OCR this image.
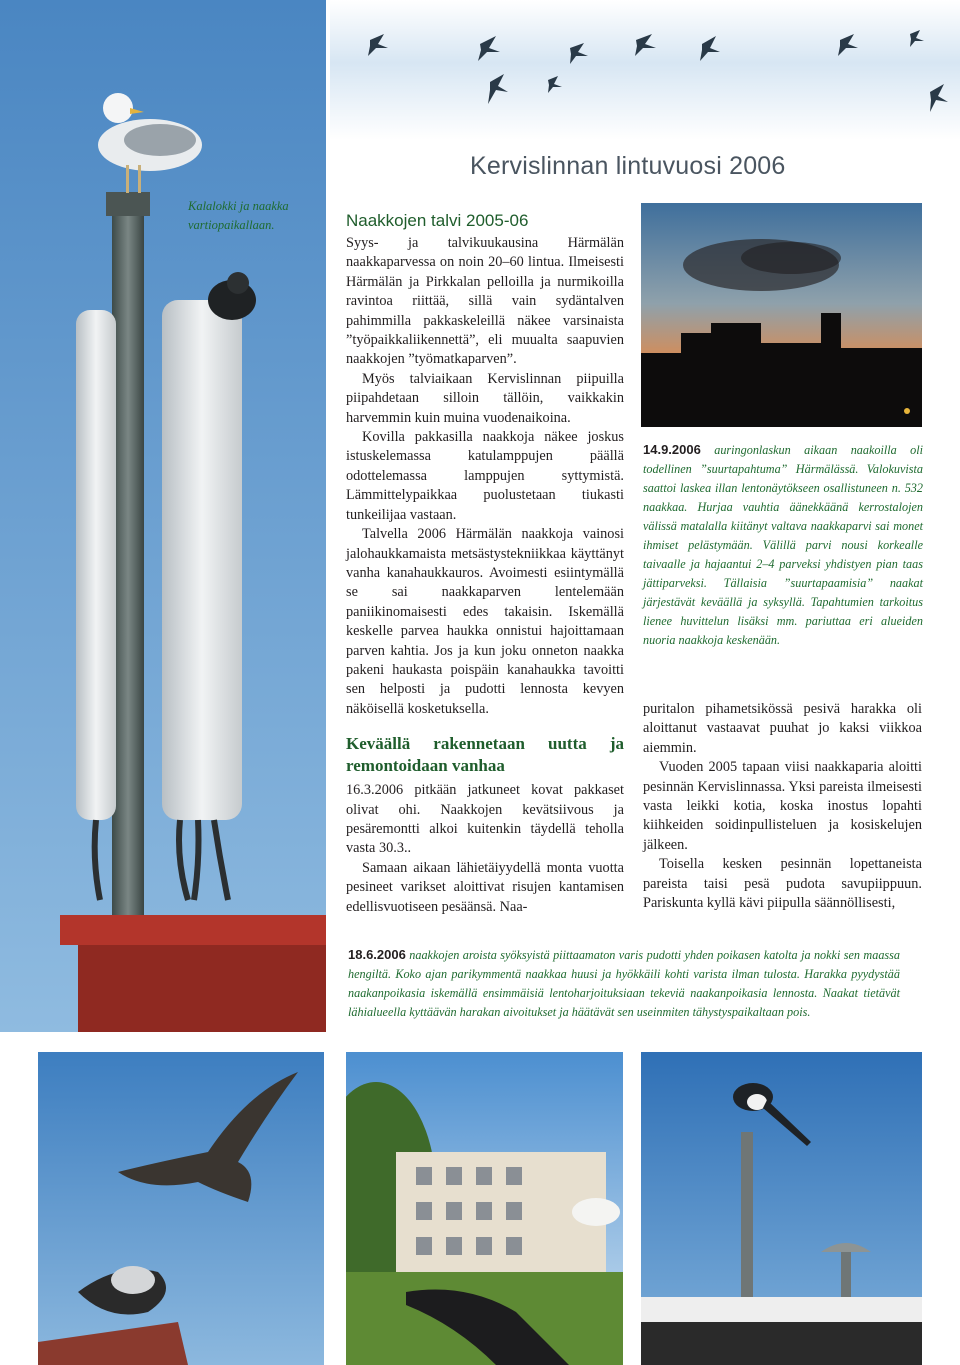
Kervislinnan lintuvuosi 2006
Kalalokki ja naakka vartiopaikallaan.	Naakkojen talvi 2005-06

Syys- ja talvikuukausina Härmälän naakkaparvessa on noin 20–60 lintua. Ilmeisesti Härmälän ja Pirkkalan pelloilla ja nurmikoilla ravintoa riittää, sillä vain sydäntalven pahimmilla pakkaskeleillä näkee varsinaista ”työpaikkaliikennettä”, eli muualta saapuvien naakkojen ”työmatkaparven”.

Myös talviaikaan Kervislinnan piipuilla piipahdetaan silloin tällöin, vaikkakin harvemmin kuin muina vuodenaikoina.

Kovilla pakkasilla naakkoja näkee joskus istuskelemassa katulamppujen päällä odottelemassa lamppujen syttymistä. Lämmittelypaikkaa puolustetaan tiukasti tunkeilijaa vastaan.

Talvella 2006 Härmälän naakkoja vainosi jalohaukkamaista metsästystekniikkaa käyttänyt vanha kanahaukkauros. Avoimesti esiintymällä se sai naakkaparven lentelemään paniikinomaisesti edes takaisin. Iskemällä keskelle parvea haukka onnistui hajoittamaan parven kahtia. Jos ja kun joku onneton naakka pakeni haukasta poispäin kanahaukka tavoitti sen helposti ja pudotti lennosta kevyen näköisellä kosketuksella.

Keväällä rakennetaan uutta ja remontoidaan vanhaa

16.3.2006 pitkään jatkuneet kovat pakkaset olivat ohi. Naakkojen kevätsiivous ja pesäremontti alkoi kuitenkin täydellä teholla vasta 30.3..

Samaan aikaan lähietäiyydellä monta vuotta pesineet varikset aloittivat risujen kantamisen edellisvuotiseen pesäänsä. Naa-

14.9.2006 auringonlaskun aikaan naakoilla oli todellinen ”suurtapahtuma” Härmälässä. Valokuvista saattoi laskea illan lentonäytökseen osallistuneen n. 532 naakkaa. Hurjaa vauhtia äänekkäänä kerrostalojen välissä matalalla kiitänyt valtava naakkaparvi sai monet ihmiset pelästymään. Välillä parvi nousi korkealle taivaalle ja hajaantui 2–4 parveksi yhdistyen pian taas jättiparveksi. Tällaisia ”suurtapaamisia” naakat järjestävät keväällä ja syksyllä. Tapahtumien tarkoitus lienee huvittelun lisäksi mm. pariuttaa eri alueiden nuoria naakkoja keskenään.

puritalon pihametsikössä pesivä harakka oli aloittanut vastaavat puuhat jo kaksi viikkoa aiemmin.

Vuoden 2005 tapaan viisi naakkaparia aloitti pesinnän Kervislinnassa. Yksi pareista ilmeisesti vasta leikki kotia, koska inostus lopahti kiihkeiden soidinpullisteluen ja kosiskelujen jälkeen.

Toisella kesken pesinnän lopettaneista pareista taisi pesä pudota savupiippuun. Pariskunta kyllä kävi piipulla säännöllisesti,

18.6.2006 naakkojen aroista syöksyistä piittaamaton varis pudotti yhden poikasen katolta ja nokki sen maassa hengiltä. Koko ajan parikymmentä naakkaa huusi ja hyökkäili kohti varista ilman tulosta. Harakka pyydystää naakanpoikasia iskemällä ensimmäisiä lentoharjoituksiaan tekeviä naakanpoikasia lennosta. Naakat tietävät lähialueella kyttäävän harakan aivoitukset ja häätävät sen useinmiten tähystyspaikaltaan pois.
